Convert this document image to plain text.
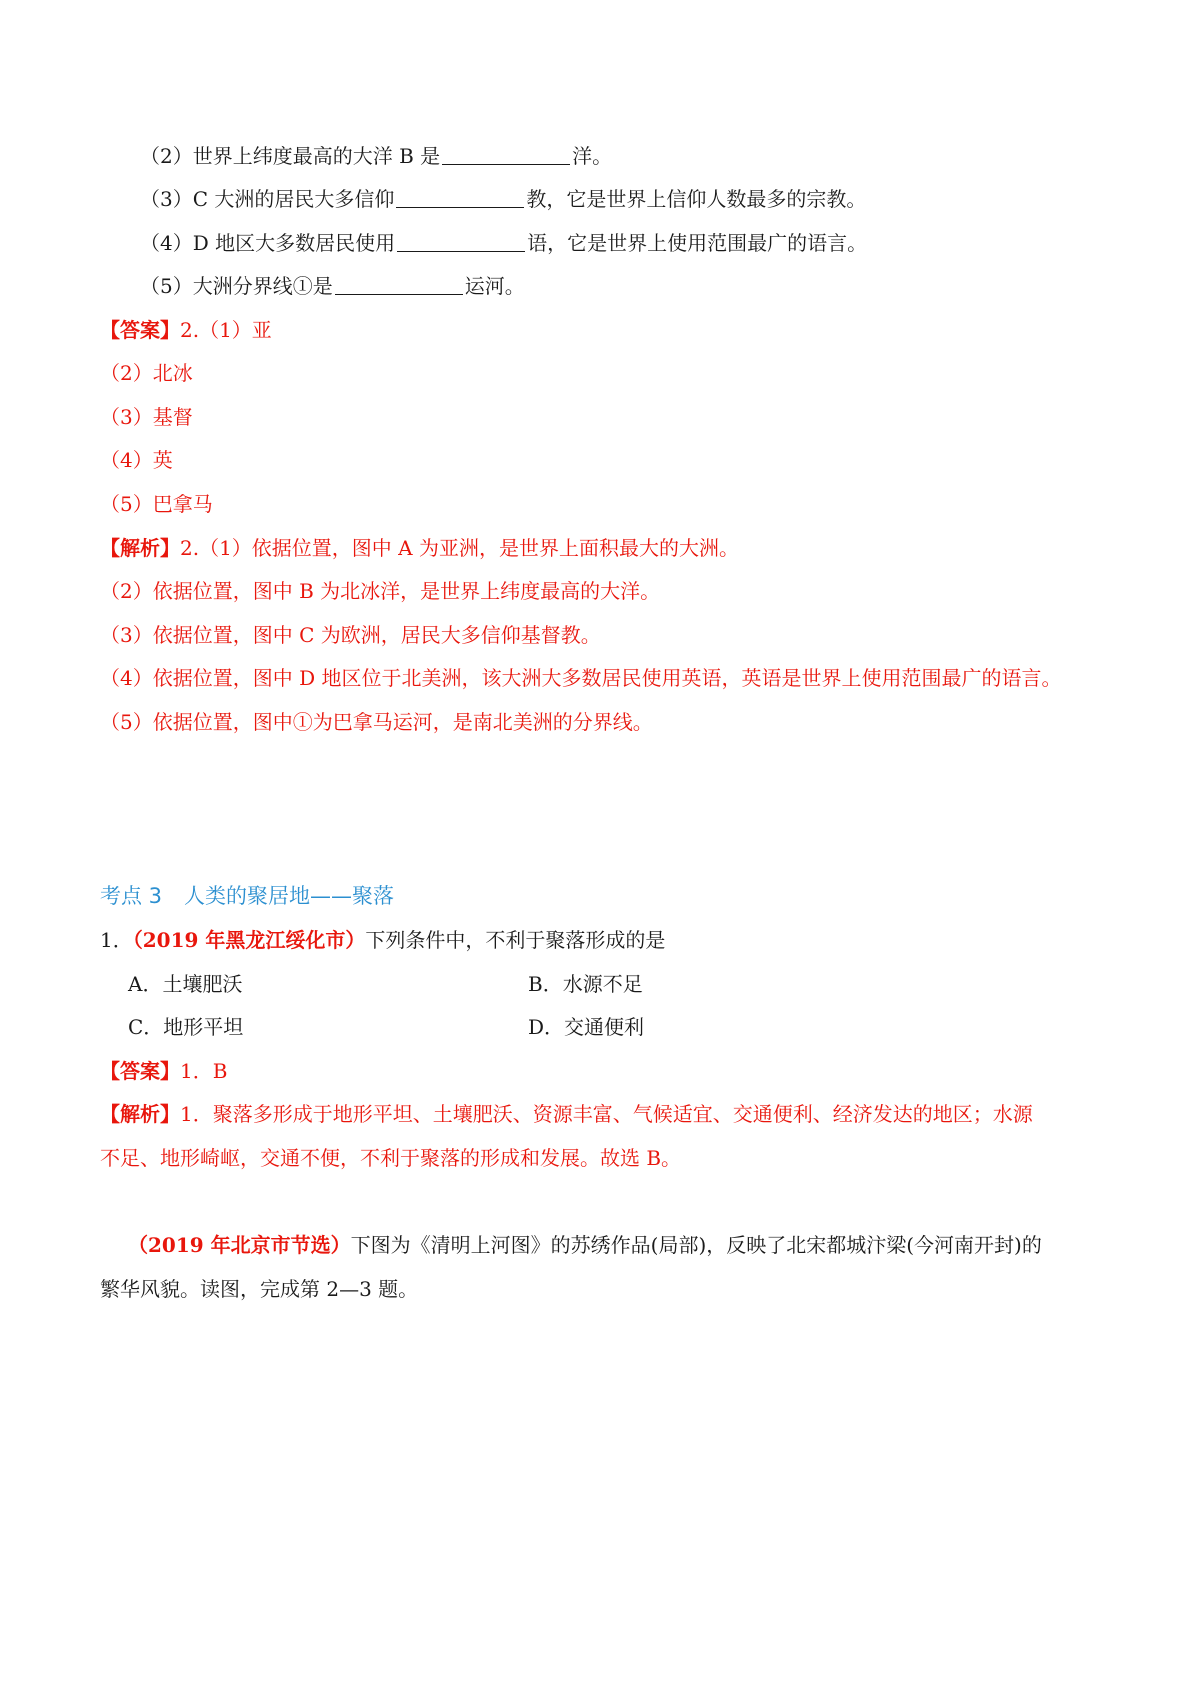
（2）世界上纬度最高的大洋 B 是	洋。
（3）C 大洲的居民大多信仰	教，它是世界上信仰人数最多的宗教。
（4）D 地区大多数居民使用	语，它是世界上使用范围最广的语言。
（5）大洲分界线①是	运河。
【答案】2.（1）亚
（2）北冰
（3）基督
（4）英
（5）巴拿马
【解析】2.（1）依据位置，图中 A 为亚洲，是世界上面积最大的大洲。
（2）依据位置，图中 B 为北冰洋，是世界上纬度最高的大洋。
（3）依据位置，图中 C 为欧洲，居民大多信仰基督教。
（4）依据位置，图中 D 地区位于北美洲，该大洲大多数居民使用英语，英语是世界上使用范围最广的语言。
（5）依据位置，图中①为巴拿马运河，是南北美洲的分界线。
考点 3 人类的聚居地——聚落
1．（2019 年黑龙江绥化市）下列条件中，不利于聚落形成的是
A．土壤肥沃	B．水源不足
C．地形平坦	D．交通便利
【答案】1．B
【解析】1．聚落多形成于地形平坦、土壤肥沃、资源丰富、气候适宜、交通便利、经济发达的地区；水源
不足、地形崎岖，交通不便，不利于聚落的形成和发展。故选 B。
（2019 年北京市节选）下图为《清明上河图》的苏绣作品(局部)，反映了北宋都城汴梁(今河南开封)的
繁华风貌。读图，完成第 2—3 题。
